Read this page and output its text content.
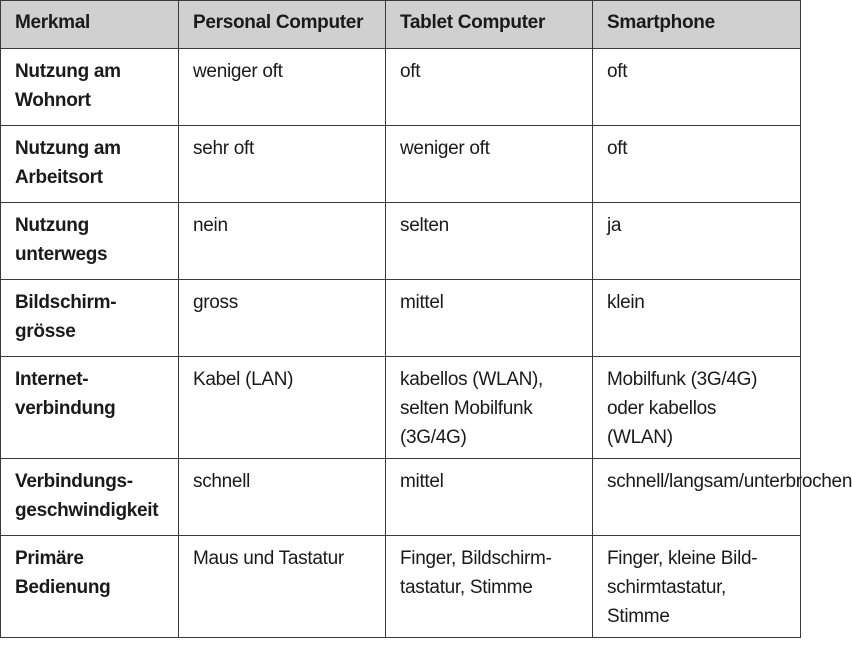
Merkmal	Personal Computer	Tablet Computer	Smartphone
Nutzung am Wohnort	weniger oft	oft	oft
Nutzung am Arbeitsort	sehr oft	weniger oft	oft
Nutzung unterwegs	nein	selten	ja
Bildschirm-grösse	gross	mittel	klein
Internet-verbindung	Kabel (LAN)	kabellos (WLAN), selten Mobilfunk (3G/4G)	Mobilfunk (3G/4G) oder kabellos (WLAN)
Verbindungs-geschwindigkeit	schnell	mittel	schnell/langsam/unterbrochen
Primäre Bedienung	Maus und Tastatur	Finger, Bildschirm-tastatur, Stimme	Finger, kleine Bild-schirmtastatur, Stimme
